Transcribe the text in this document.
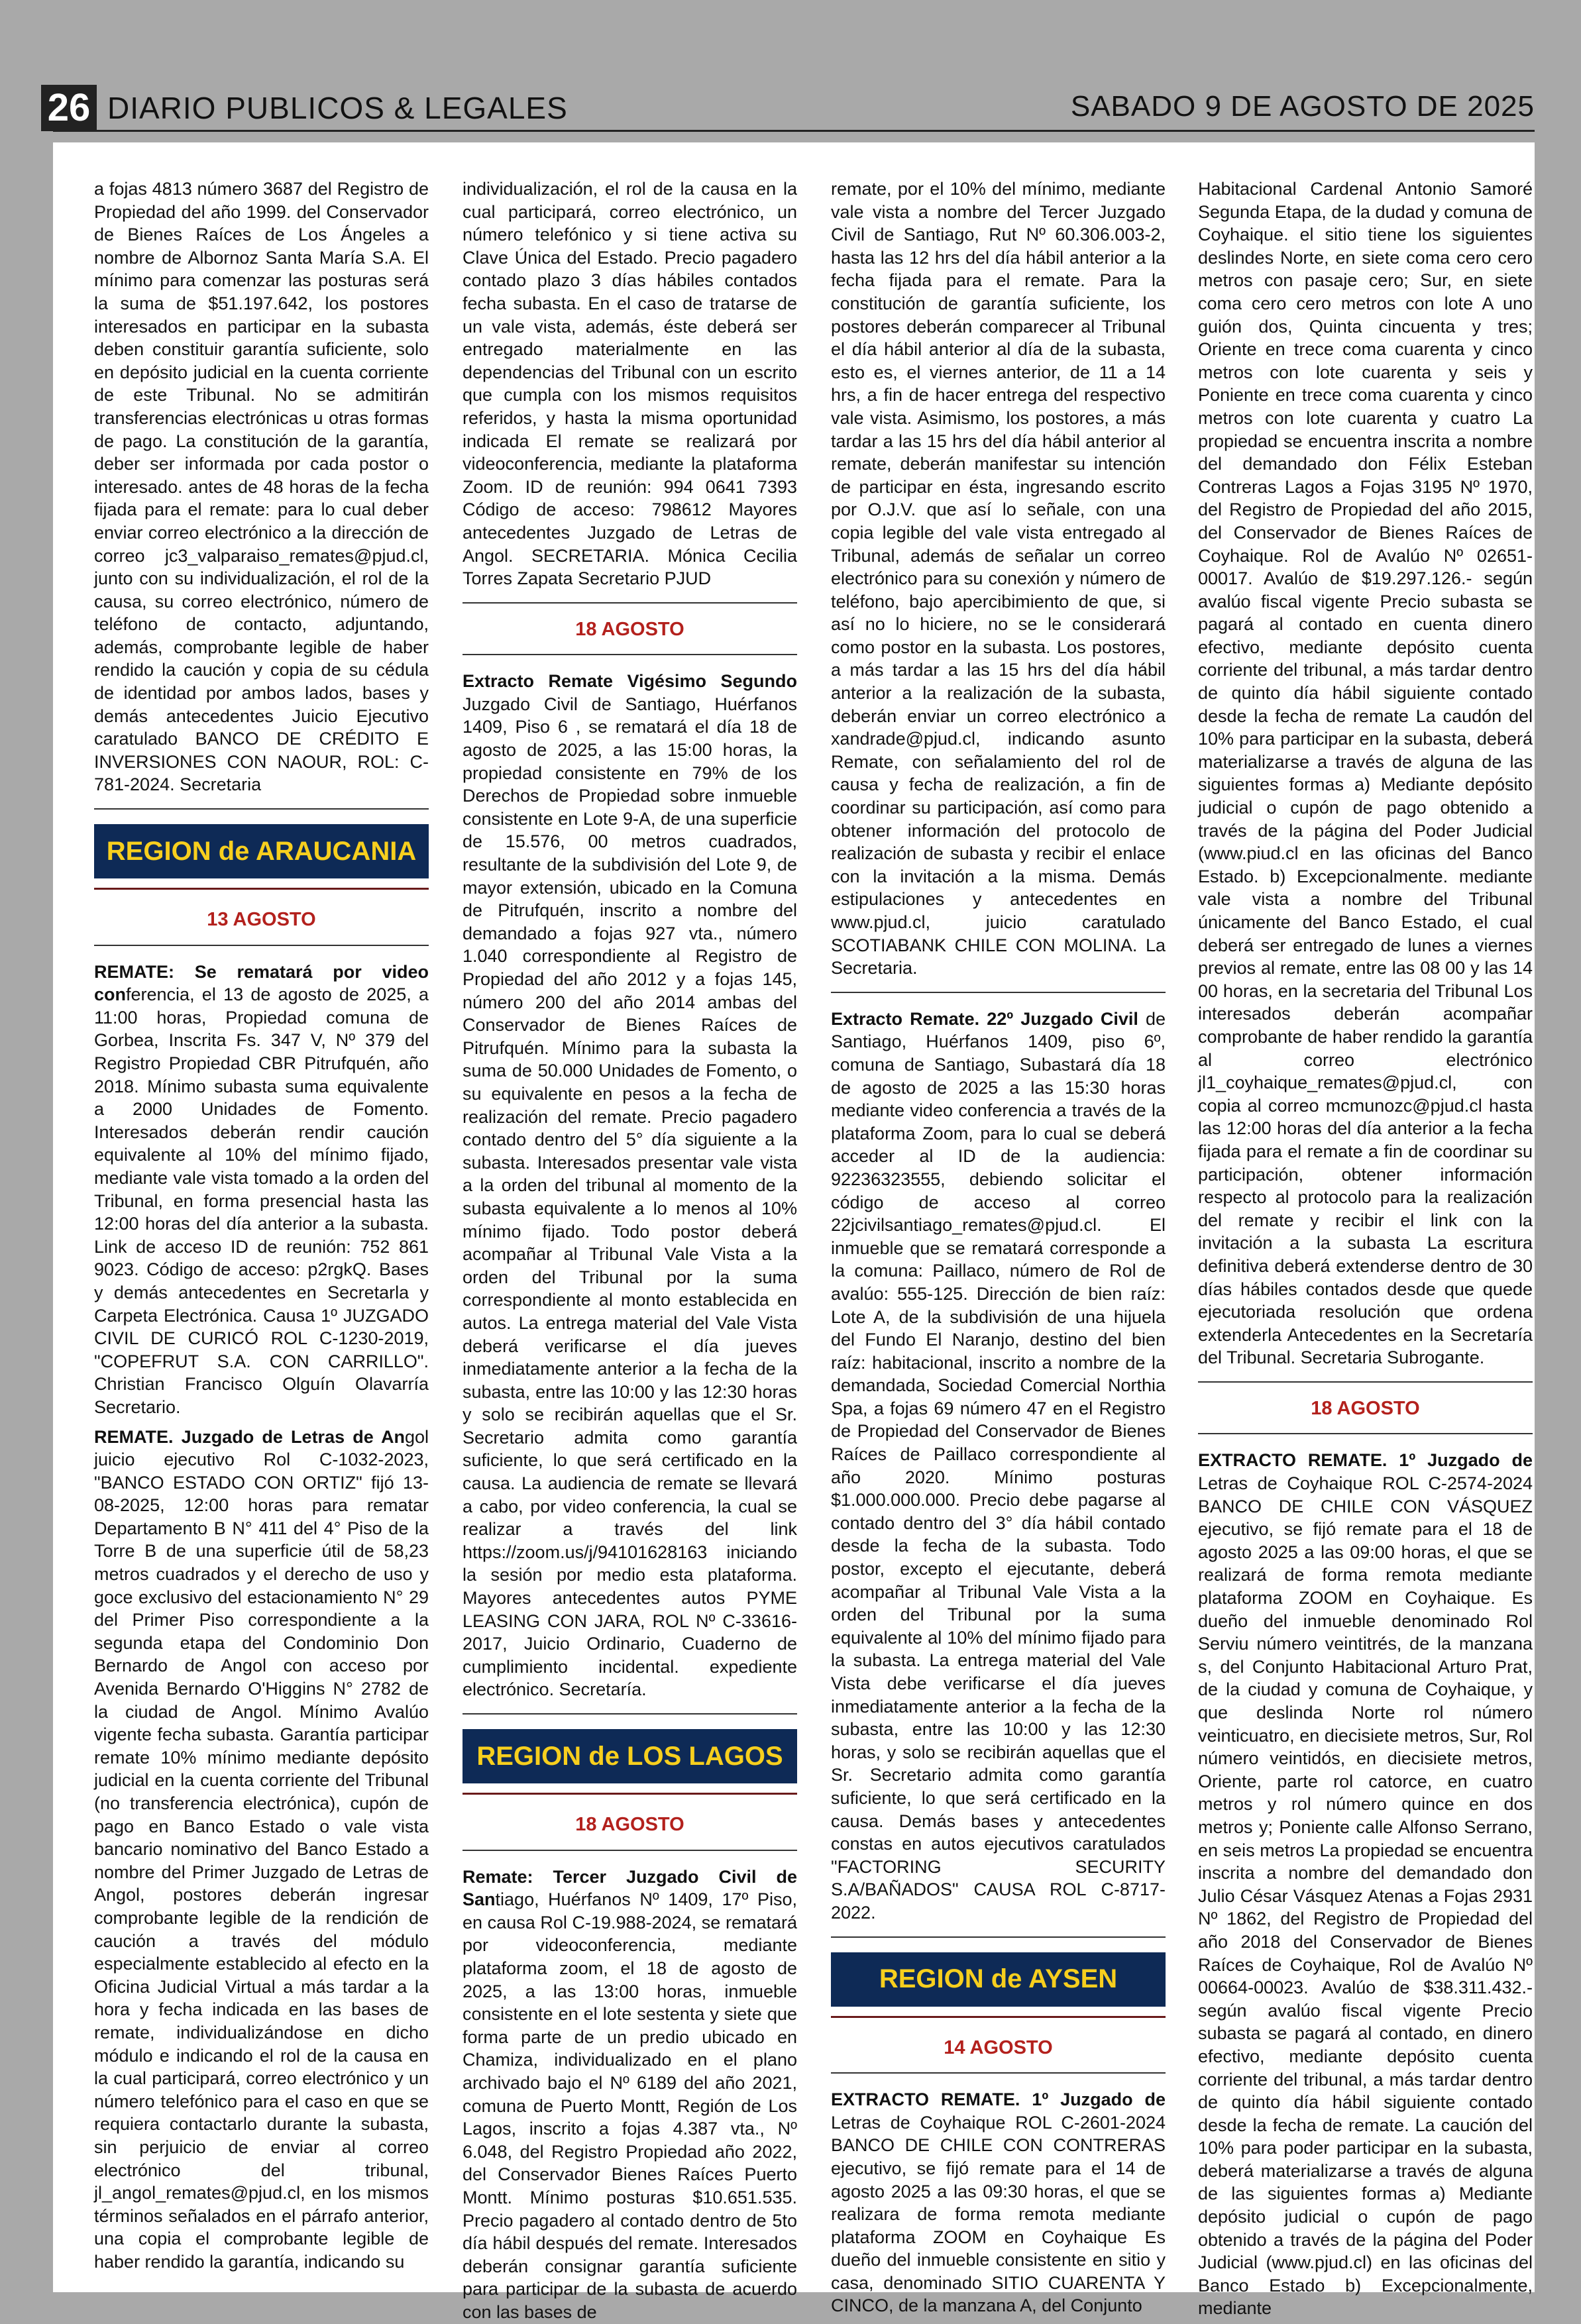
26 DIARIO PUBLICOS & LEGALES	SABADO 9 DE AGOSTO DE 2025

a fojas 4813 número 3687 del Registro de Propiedad del año 1999. del Conservador de Bienes Raíces de Los Ángeles a nombre de Albornoz Santa María S.A. El mínimo para comenzar las posturas será la suma de $51.197.642, los postores interesados en participar en la subasta deben constituir garantía suficiente, solo en depósito judicial en la cuenta corriente de este Tribunal. No se admitirán transferencias electrónicas u otras formas de pago. La constitución de la garantía, deber ser informada por cada postor o interesado. antes de 48 horas de la fecha fijada para el remate: para lo cual deber enviar correo electrónico a la dirección de correo jc3_valparaiso_remates@pjud.cl, junto con su individualización, el rol de la causa, su correo electrónico, número de teléfono de contacto, adjuntando, además, comprobante legible de haber rendido la caución y copia de su cédula de identidad por ambos lados, bases y demás antecedentes Juicio Ejecutivo caratulado BANCO DE CRÉDITO E INVERSIONES CON NAOUR, ROL: C-781-2024. Secretaria

REGION de ARAUCANIA
13 AGOSTO

REMATE: Se rematará por video conferencia, el 13 de agosto de 2025, a 11:00 horas, Propiedad comuna de Gorbea, Inscrita Fs. 347 V, Nº 379 del Registro Propiedad CBR Pitrufquén, año 2018. Mínimo subasta suma equivalente a 2000 Unidades de Fomento. Interesados deberán rendir caución equivalente al 10% del mínimo fijado, mediante vale vista tomado a la orden del Tribunal, en forma presencial hasta las 12:00 horas del día anterior a la subasta. Link de acceso ID de reunión: 752 861 9023. Código de acceso: p2rgkQ. Bases y demás antecedentes en Secretarla y Carpeta Electrónica. Causa 1º JUZGADO CIVIL DE CURICÓ ROL C-1230-2019, "COPEFRUT S.A. CON CARRILLO". Christian Francisco Olguín Olavarría Secretario.

REMATE. Juzgado de Letras de Angol juicio ejecutivo Rol C-1032-2023, "BANCO ESTADO CON ORTIZ" fijó 13-08-2025, 12:00 horas para rematar Departamento B N° 411 del 4° Piso de la Torre B de una superficie útil de 58,23 metros cuadrados y el derecho de uso y goce exclusivo del estacionamiento N° 29 del Primer Piso correspondiente a la segunda etapa del Condominio Don Bernardo de Angol con acceso por Avenida Bernardo O'Higgins N° 2782 de la ciudad de Angol. Mínimo Avalúo vigente fecha subasta. Garantía participar remate 10% mínimo mediante depósito judicial en la cuenta corriente del Tribunal (no transferencia electrónica), cupón de pago en Banco Estado o vale vista bancario nominativo del Banco Estado a nombre del Primer Juzgado de Letras de Angol, postores deberán ingresar comprobante legible de la rendición de caución a través del módulo especialmente establecido al efecto en la Oficina Judicial Virtual a más tardar a la hora y fecha indicada en las bases de remate, individualizándose en dicho módulo e indicando el rol de la causa en la cual participará, correo electrónico y un número telefónico para el caso en que se requiera contactarlo durante la subasta, sin perjuicio de enviar al correo electrónico del tribunal, jl_angol_remates@pjud.cl, en los mismos términos señalados en el párrafo anterior, una copia el comprobante legible de haber rendido la garantía, indicando su

individualización, el rol de la causa en la cual participará, correo electrónico, un número telefónico y si tiene activa su Clave Única del Estado. Precio pagadero contado plazo 3 días hábiles contados fecha subasta. En el caso de tratarse de un vale vista, además, éste deberá ser entregado materialmente en las dependencias del Tribunal con un escrito que cumpla con los mismos requisitos referidos, y hasta la misma oportunidad indicada El remate se realizará por videoconferencia, mediante la plataforma Zoom. ID de reunión: 994 0641 7393 Código de acceso: 798612 Mayores antecedentes Juzgado de Letras de Angol. SECRETARIA. Mónica Cecilia Torres Zapata Secretario PJUD

18 AGOSTO

Extracto Remate Vigésimo Segundo Juzgado Civil de Santiago, Huérfanos 1409, Piso 6 , se rematará el día 18 de agosto de 2025, a las 15:00 horas, la propiedad consistente en 79% de los Derechos de Propiedad sobre inmueble consistente en Lote 9-A, de una superficie de 15.576, 00 metros cuadrados, resultante de la subdivisión del Lote 9, de mayor extensión, ubicado en la Comuna de Pitrufquén, inscrito a nombre del demandado a fojas 927 vta., número 1.040 correspondiente al Registro de Propiedad del año 2012 y a fojas 145, número 200 del año 2014 ambas del Conservador de Bienes Raíces de Pitrufquén. Mínimo para la subasta la suma de 50.000 Unidades de Fomento, o su equivalente en pesos a la fecha de realización del remate. Precio pagadero contado dentro del 5° día siguiente a la subasta. Interesados presentar vale vista a la orden del tribunal al momento de la subasta equivalente a lo menos al 10% mínimo fijado. Todo postor deberá acompañar al Tribunal Vale Vista a la orden del Tribunal por la suma correspondiente al monto establecida en autos. La entrega material del Vale Vista deberá verificarse el día jueves inmediatamente anterior a la fecha de la subasta, entre las 10:00 y las 12:30 horas y solo se recibirán aquellas que el Sr. Secretario admita como garantía suficiente, lo que será certificado en la causa. La audiencia de remate se llevará a cabo, por video conferencia, la cual se realizar a través del link https://zoom.us/j/94101628163 iniciando la sesión por medio esta plataforma. Mayores antecedentes autos PYME LEASING CON JARA, ROL Nº C-33616-2017, Juicio Ordinario, Cuaderno de cumplimiento incidental. expediente electrónico. Secretaría.

REGION de LOS LAGOS
18 AGOSTO

Remate: Tercer Juzgado Civil de Santiago, Huérfanos Nº 1409, 17º Piso, en causa Rol C-19.988-2024, se rematará por videoconferencia, mediante plataforma zoom, el 18 de agosto de 2025, a las 13:00 horas, inmueble consistente en el lote sestenta y siete que forma parte de un predio ubicado en Chamiza, individualizado en el plano archivado bajo el Nº 6189 del año 2021, comuna de Puerto Montt, Región de Los Lagos, inscrito a fojas 4.387 vta., Nº 6.048, del Registro Propiedad año 2022, del Conservador Bienes Raíces Puerto Montt. Mínimo posturas $10.651.535. Precio pagadero al contado dentro de 5to día hábil después del remate. Interesados deberán consignar garantía suficiente para participar de la subasta de acuerdo con las bases de

remate, por el 10% del mínimo, mediante vale vista a nombre del Tercer Juzgado Civil de Santiago, Rut Nº 60.306.003-2, hasta las 12 hrs del día hábil anterior a la fecha fijada para el remate. Para la constitución de garantía suficiente, los postores deberán comparecer al Tribunal el día hábil anterior al día de la subasta, esto es, el viernes anterior, de 11 a 14 hrs, a fin de hacer entrega del respectivo vale vista. Asimismo, los postores, a más tardar a las 15 hrs del día hábil anterior al remate, deberán manifestar su intención de participar en ésta, ingresando escrito por O.J.V. que así lo señale, con una copia legible del vale vista entregado al Tribunal, además de señalar un correo electrónico para su conexión y número de teléfono, bajo apercibimiento de que, si así no lo hiciere, no se le considerará como postor en la subasta. Los postores, a más tardar a las 15 hrs del día hábil anterior a la realización de la subasta, deberán enviar un correo electrónico a xandrade@pjud.cl, indicando asunto Remate, con señalamiento del rol de causa y fecha de realización, a fin de coordinar su participación, así como para obtener información del protocolo de realización de subasta y recibir el enlace con la invitación a la misma. Demás estipulaciones y antecedentes en www.pjud.cl, juicio caratulado SCOTIABANK CHILE CON MOLINA. La Secretaria.

Extracto Remate. 22º Juzgado Civil de Santiago, Huérfanos 1409, piso 6º, comuna de Santiago, Subastará día 18 de agosto de 2025 a las 15:30 horas mediante video conferencia a través de la plataforma Zoom, para lo cual se deberá acceder al ID de la audiencia: 92236323555, debiendo solicitar el código de acceso al correo 22jcivilsantiago_remates@pjud.cl. El inmueble que se rematará corresponde a la comuna: Paillaco, número de Rol de avalúo: 555-125. Dirección de bien raíz: Lote A, de la subdivisión de una hijuela del Fundo El Naranjo, destino del bien raíz: habitacional, inscrito a nombre de la demandada, Sociedad Comercial Northia Spa, a fojas 69 número 47 en el Registro de Propiedad del Conservador de Bienes Raíces de Paillaco correspondiente al año 2020. Mínimo posturas $1.000.000.000. Precio debe pagarse al contado dentro del 3° día hábil contado desde la fecha de la subasta. Todo postor, excepto el ejecutante, deberá acompañar al Tribunal Vale Vista a la orden del Tribunal por la suma equivalente al 10% del mínimo fijado para la subasta. La entrega material del Vale Vista debe verificarse el día jueves inmediatamente anterior a la fecha de la subasta, entre las 10:00 y las 12:30 horas, y solo se recibirán aquellas que el Sr. Secretario admita como garantía suficiente, lo que será certificado en la causa. Demás bases y antecedentes constas en autos ejecutivos caratulados "FACTORING SECURITY S.A/BAÑADOS" CAUSA ROL C-8717-2022.

REGION de AYSEN
14 AGOSTO

EXTRACTO REMATE. 1º Juzgado de Letras de Coyhaique ROL C-2601-2024 BANCO DE CHILE CON CONTRERAS ejecutivo, se fijó remate para el 14 de agosto 2025 a las 09:30 horas, el que se realizara de forma remota mediante plataforma ZOOM en Coyhaique Es dueño del inmueble consistente en sitio y casa, denominado SITIO CUARENTA Y CINCO, de la manzana A, del Conjunto

Habitacional Cardenal Antonio Samoré Segunda Etapa, de la dudad y comuna de Coyhaique. el sitio tiene los siguientes deslindes Norte, en siete coma cero cero metros con pasaje cero; Sur, en siete coma cero cero metros con lote A uno guión dos, Quinta cincuenta y tres; Oriente en trece coma cuarenta y cinco metros con lote cuarenta y seis y Poniente en trece coma cuarenta y cinco metros con lote cuarenta y cuatro La propiedad se encuentra inscrita a nombre del demandado don Félix Esteban Contreras Lagos a Fojas 3195 Nº 1970, del Registro de Propiedad del año 2015, del Conservador de Bienes Raíces de Coyhaique. Rol de Avalúo Nº 02651-00017. Avalúo de $19.297.126.- según avalúo fiscal vigente Precio subasta se pagará al contado en cuenta dinero efectivo, mediante depósito cuenta corriente del tribunal, a más tardar dentro de quinto día hábil siguiente contado desde la fecha de remate La caudón del 10% para participar en la subasta, deberá materializarse a través de alguna de las siguientes formas a) Mediante depósito judicial o cupón de pago obtenido a través de la página del Poder Judicial (www.piud.cl en las oficinas del Banco Estado. b) Excepcionalmente. mediante vale vista a nombre del Tribunal únicamente del Banco Estado, el cual deberá ser entregado de lunes a viernes previos al remate, entre las 08 00 y las 14 00 horas, en la secretaria del Tribunal Los interesados deberán acompañar comprobante de haber rendido la garantía al correo electrónico jl1_coyhaique_remates@pjud.cl, con copia al correo mcmunozc@pjud.cl hasta las 12:00 horas del día anterior a la fecha fijada para el remate a fin de coordinar su participación, obtener información respecto al protocolo para la realización del remate y recibir el link con la invitación a la subasta La escritura definitiva deberá extenderse dentro de 30 días hábiles contados desde que quede ejecutoriada resolución que ordena extenderla Antecedentes en la Secretaría del Tribunal. Secretaria Subrogante.

18 AGOSTO

EXTRACTO REMATE. 1º Juzgado de Letras de Coyhaique ROL C-2574-2024 BANCO DE CHILE CON VÁSQUEZ ejecutivo, se fijó remate para el 18 de agosto 2025 a las 09:00 horas, el que se realizará de forma remota mediante plataforma ZOOM en Coyhaique. Es dueño del inmueble denominado Rol Serviu número veintitrés, de la manzana s, del Conjunto Habitacional Arturo Prat, de la ciudad y comuna de Coyhaique, y que deslinda Norte rol número veinticuatro, en diecisiete metros, Sur, Rol número veintidós, en diecisiete metros, Oriente, parte rol catorce, en cuatro metros y rol número quince en dos metros y; Poniente calle Alfonso Serrano, en seis metros La propiedad se encuentra inscrita a nombre del demandado don Julio César Vásquez Atenas a Fojas 2931 Nº 1862, del Registro de Propiedad del año 2018 del Conservador de Bienes Raíces de Coyhaique, Rol de Avalúo Nº 00664-00023. Avalúo de $38.311.432.- según avalúo fiscal vigente Precio subasta se pagará al contado, en dinero efectivo, mediante depósito cuenta corriente del tribunal, a más tardar dentro de quinto día hábil siguiente contado desde la fecha de remate. La caución del 10% para poder participar en la subasta, deberá materializarse a través de alguna de las siguientes formas a) Mediante depósito judicial o cupón de pago obtenido a través de la página del Poder Judicial (www.pjud.cl) en las oficinas del Banco Estado b) Excepcionalmente, mediante
